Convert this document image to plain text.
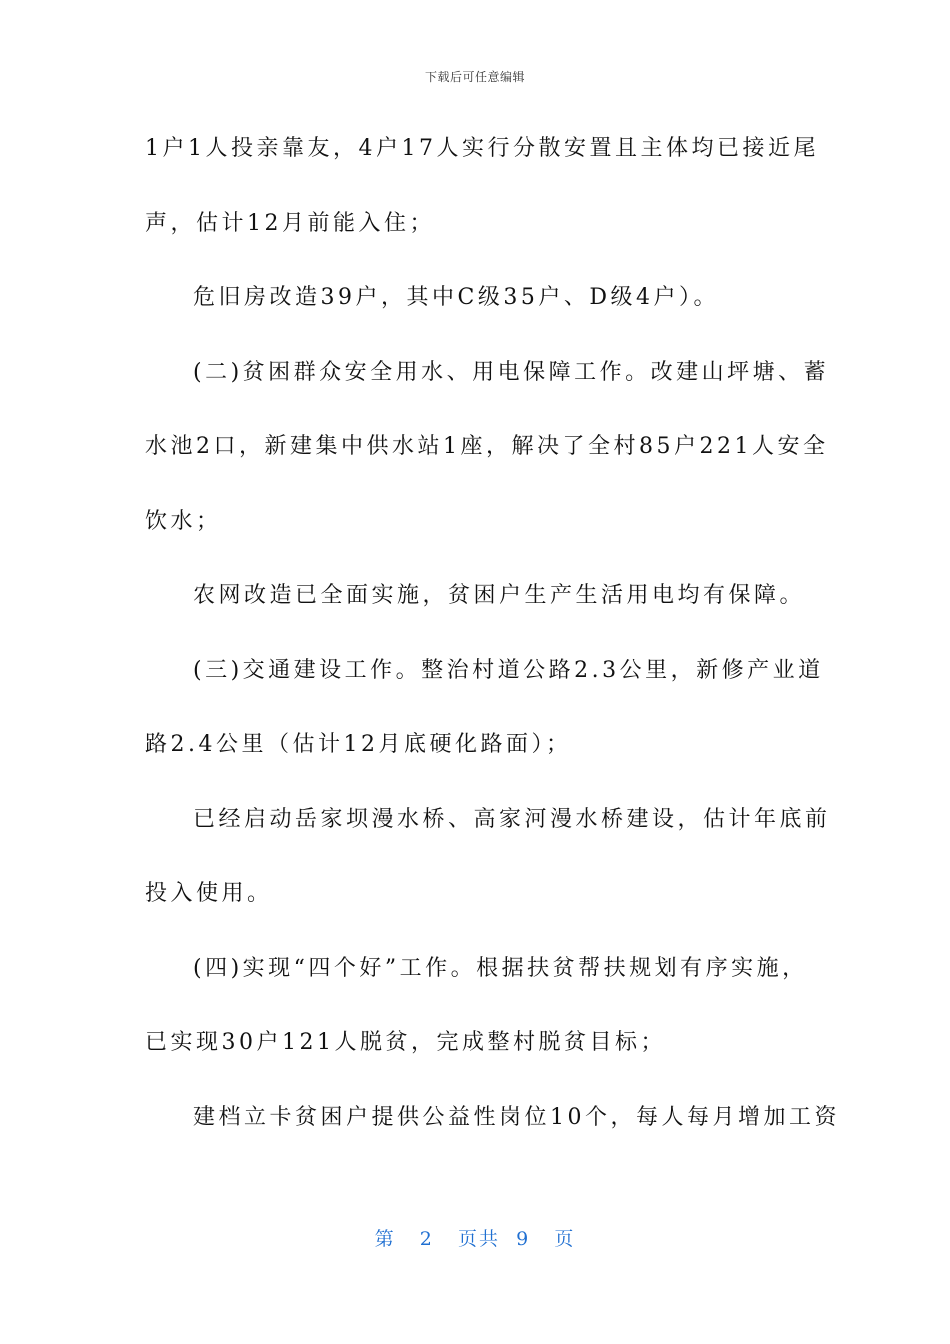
下载后可任意编辑
1户1人投亲靠友，4户17人实行分散安置且主体均已接近尾
声，估计12月前能入住；
危旧房改造39户，其中C级35户、D级4户）。
(二)贫困群众安全用水、用电保障工作。改建山坪塘、蓄
水池2口，新建集中供水站1座，解决了全村85户221人安全
饮水；
农网改造已全面实施，贫困户生产生活用电均有保障。
(三)交通建设工作。整治村道公路2.3公里，新修产业道
路2.4公里（估计12月底硬化路面）；
已经启动岳家坝漫水桥、高家河漫水桥建设，估计年底前
投入使用。
(四)实现“四个好”工作。根据扶贫帮扶规划有序实施，
已实现30户121人脱贫，完成整村脱贫目标；
建档立卡贫困户提供公益性岗位10个，每人每月增加工资
第 2 页共 9 页
